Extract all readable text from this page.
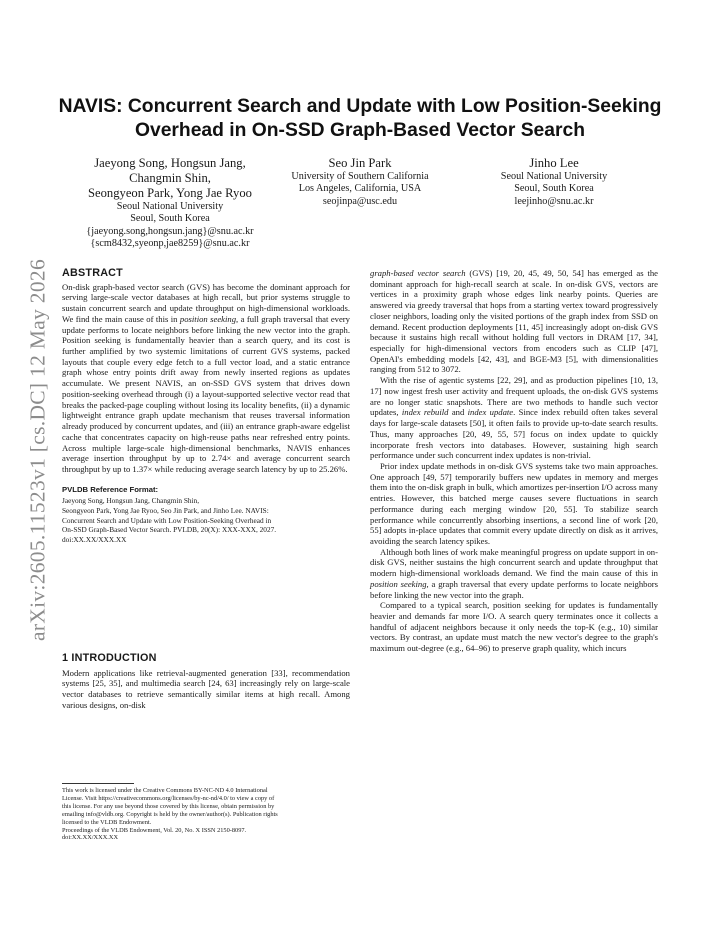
arXiv:2605.11523v1 [cs.DC] 12 May 2026
NAVIS: Concurrent Search and Update with Low Position-Seeking
Overhead in On-SSD Graph-Based Vector Search
Jaeyong Song, Hongsun Jang,
Changmin Shin,
Seongyeon Park, Yong Jae Ryoo
Seoul National University
Seoul, South Korea
{jaeyong.song,hongsun.jang}@snu.ac.kr
{scm8432,syeonp,jae8259}@snu.ac.kr
Seo Jin Park
University of Southern California
Los Angeles, California, USA
seojinpa@usc.edu
Jinho Lee
Seoul National University
Seoul, South Korea
leejinho@snu.ac.kr
ABSTRACT

On-disk graph-based vector search (GVS) has become the dominant approach for serving large-scale vector databases at high recall, but prior systems struggle to sustain concurrent search and update throughput on high-dimensional workloads. We find the main cause of this in position seeking, a full graph traversal that every update performs to locate neighbors before linking the new vector into the graph. Position seeking is fundamentally heavier than a search query, and its cost is further amplified by two systemic limitations of current GVS systems, packed layouts that couple every edge fetch to a full vector load, and a static entrance graph whose entry points drift away from newly inserted regions as updates accumulate. We present NAVIS, an on-SSD GVS system that drives down position-seeking overhead through (i) a layout-supported selective vector read that breaks the packed-page coupling without losing its locality benefits, (ii) a dynamic lightweight entrance graph update mechanism that reuses traversal information already produced by concurrent updates, and (iii) an entrance graph-aware edgelist cache that concentrates capacity on high-reuse paths near refreshed entry points. Across multiple large-scale high-dimensional benchmarks, NAVIS enhances average insertion throughput by up to 2.74× and average concurrent search throughput by up to 1.37× while reducing average search latency by up to 25.26%.

PVLDB Reference Format:
Jaeyong Song, Hongsun Jang, Changmin Shin,
Seongyeon Park, Yong Jae Ryoo, Seo Jin Park, and Jinho Lee. NAVIS:
Concurrent Search and Update with Low Position-Seeking Overhead in
On-SSD Graph-Based Vector Search. PVLDB, 20(X): XXX-XXX, 2027.
doi:XX.XX/XXX.XX
1 INTRODUCTION

Modern applications like retrieval-augmented generation [33], recommendation systems [25, 35], and multimedia search [24, 63] increasingly rely on large-scale vector databases to retrieve semantically similar items at high recall. Among various designs, on-disk

This work is licensed under the Creative Commons BY-NC-ND 4.0 International
License. Visit https://creativecommons.org/licenses/by-nc-nd/4.0/ to view a copy of
this license. For any use beyond those covered by this license, obtain permission by
emailing info@vldb.org. Copyright is held by the owner/author(s). Publication rights
licensed to the VLDB Endowment.
Proceedings of the VLDB Endowment, Vol. 20, No. X ISSN 2150-8097.
doi:XX.XX/XXX.XX

graph-based vector search (GVS) [19, 20, 45, 49, 50, 54] has emerged as the dominant approach for high-recall search at scale. In on-disk GVS, vectors are vertices in a proximity graph whose edges link nearby points. Queries are answered via greedy traversal that hops from a starting vertex toward progressively closer neighbors, loading only the visited portions of the graph index from SSD on demand. Recent production deployments [11, 45] increasingly adopt on-disk GVS because it sustains high recall without holding full vectors in DRAM [17, 34], especially for high-dimensional vectors from encoders such as CLIP [47], OpenAI's embedding models [42, 43], and BGE-M3 [5], with dimensionalities ranging from 512 to 3072.

With the rise of agentic systems [22, 29], and as production pipelines [10, 13, 17] now ingest fresh user activity and frequent uploads, the on-disk GVS systems are no longer static snapshots. There are two methods to handle such vector updates, index rebuild and index update. Since index rebuild often takes several days for large-scale datasets [50], it often fails to provide up-to-date search results. Thus, many approaches [20, 49, 55, 57] focus on index update to quickly incorporate fresh vectors into databases. However, sustaining high search performance under such concurrent index updates is non-trivial.

Prior index update methods in on-disk GVS systems take two main approaches. One approach [49, 57] temporarily buffers new updates in memory and merges them into the on-disk graph in bulk, which amortizes per-insertion I/O across many entries. However, this batched merge causes severe fluctuations in search performance during each merging window [20, 55]. To stabilize search performance while concurrently absorbing insertions, a second line of work [20, 55] adopts in-place updates that commit every update directly on disk as it arrives, avoiding the search latency spikes.

Although both lines of work make meaningful progress on update support in on-disk GVS, neither sustains the high concurrent search and update throughput that modern high-dimensional workloads demand. We find the main cause of this in position seeking, a graph traversal that every update performs to locate neighbors before linking the new vector into the graph.

Compared to a typical search, position seeking for updates is fundamentally heavier and demands far more I/O. A search query terminates once it collects a handful of adjacent neighbors because it only needs the top-K (e.g., 10) similar vectors. By contrast, an update must match the new vector's degree to the graph's maximum out-degree (e.g., 64–96) to preserve graph quality, which incurs
